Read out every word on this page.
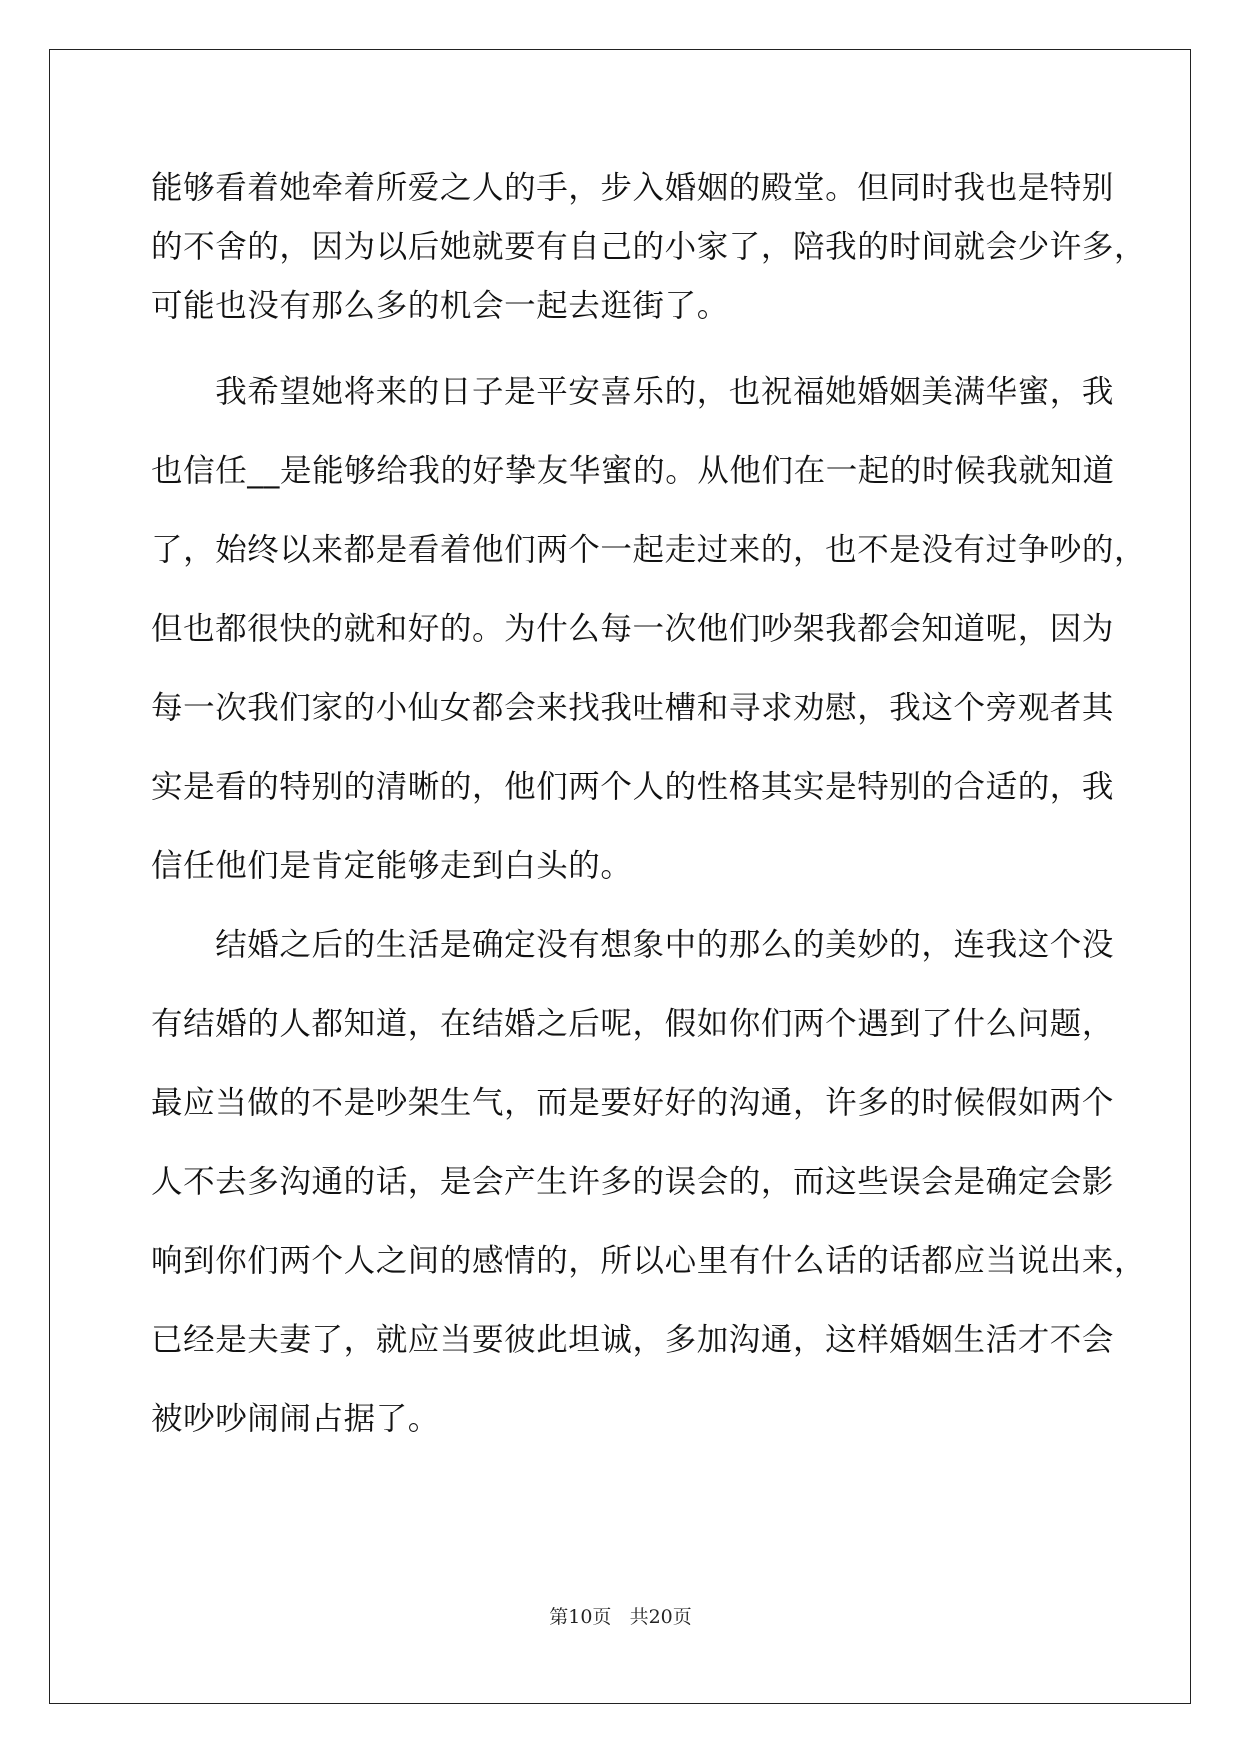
能够看着她牵着所爱之人的手，步入婚姻的殿堂。但同时我也是特别
的不舍的，因为以后她就要有自己的小家了，陪我的时间就会少许多，
可能也没有那么多的机会一起去逛街了。
　　我希望她将来的日子是平安喜乐的，也祝福她婚姻美满华蜜，我
也信任__是能够给我的好挚友华蜜的。从他们在一起的时候我就知道
了，始终以来都是看着他们两个一起走过来的，也不是没有过争吵的，
但也都很快的就和好的。为什么每一次他们吵架我都会知道呢，因为
每一次我们家的小仙女都会来找我吐槽和寻求劝慰，我这个旁观者其
实是看的特别的清晰的，他们两个人的性格其实是特别的合适的，我
信任他们是肯定能够走到白头的。
　　结婚之后的生活是确定没有想象中的那么的美妙的，连我这个没
有结婚的人都知道，在结婚之后呢，假如你们两个遇到了什么问题，
最应当做的不是吵架生气，而是要好好的沟通，许多的时候假如两个
人不去多沟通的话，是会产生许多的误会的，而这些误会是确定会影
响到你们两个人之间的感情的，所以心里有什么话的话都应当说出来，
已经是夫妻了，就应当要彼此坦诚，多加沟通，这样婚姻生活才不会
被吵吵闹闹占据了。
第10页 共20页
